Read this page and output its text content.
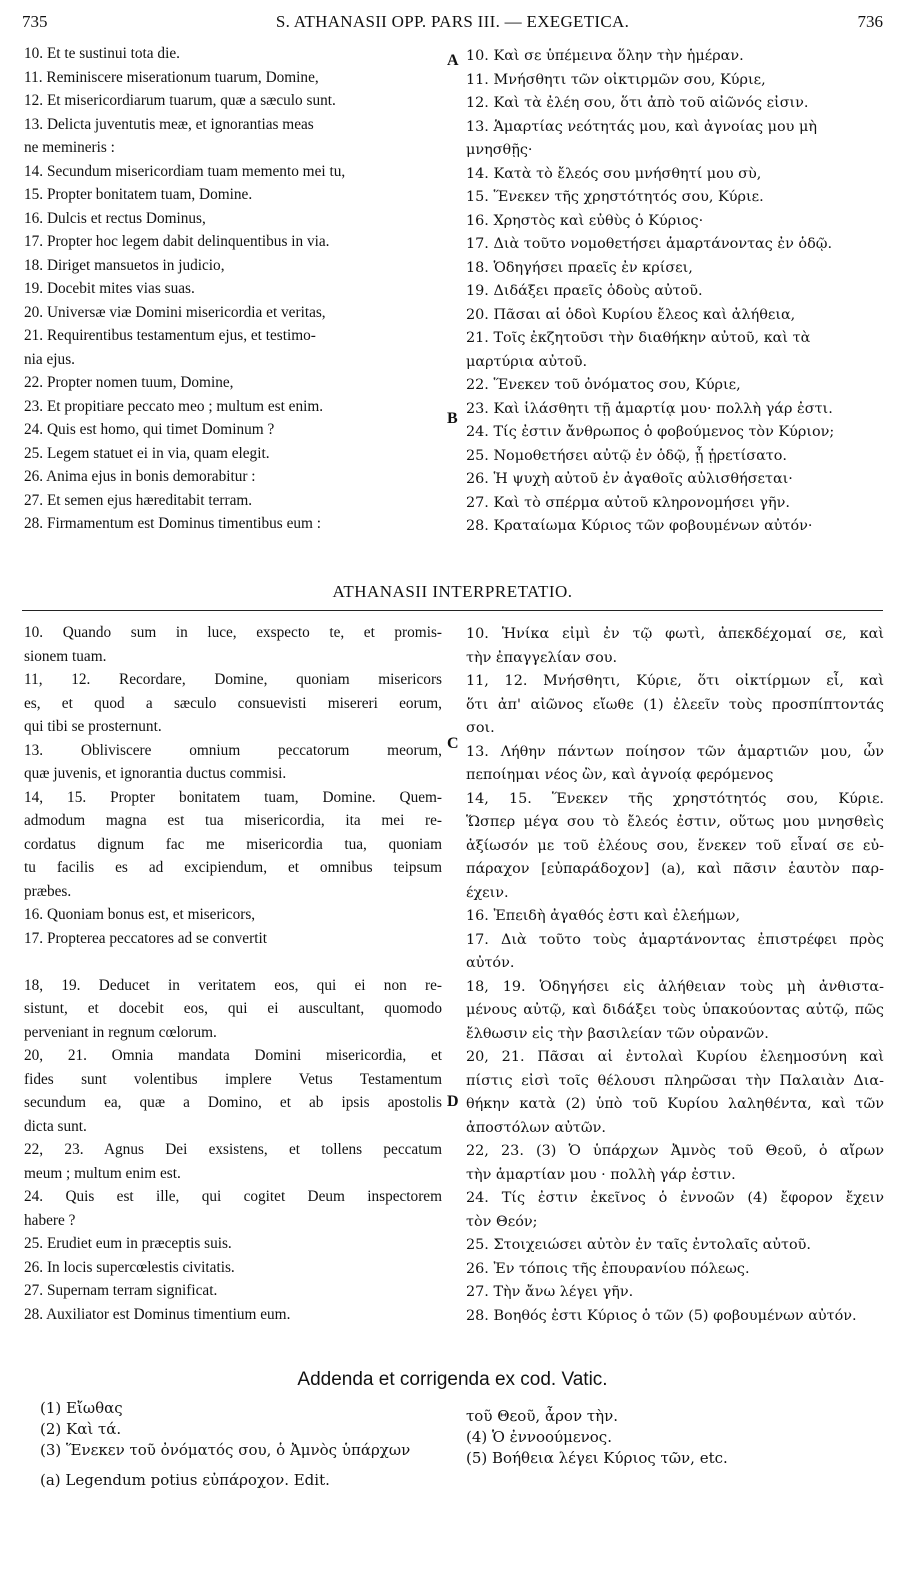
735	S. ATHANASII OPP. PARS III. — EXEGETICA.	736
10. Et te sustinui tota die.
11. Reminiscere miserationum tuarum, Domine,
12. Et misericordiarum tuarum, quæ a sæculo sunt.
13. Delicta juventutis meæ, et ignorantias meas
ne memineris :
14. Secundum misericordiam tuam memento mei tu,
15. Propter bonitatem tuam, Domine.
16. Dulcis et rectus Dominus,
17. Propter hoc legem dabit delinquentibus in via.
18. Diriget mansuetos in judicio,
19. Docebit mites vias suas.
20. Universæ viæ Domini misericordia et veritas,
21. Requirentibus testamentum ejus, et testimo-
nia ejus.
22. Propter nomen tuum, Domine,
23. Et propitiare peccato meo ; multum est enim.
24. Quis est homo, qui timet Dominum ?
25. Legem statuet ei in via, quam elegit.
26. Anima ejus in bonis demorabitur :
27. Et semen ejus hæreditabit terram.
28. Firmamentum est Dominus timentibus eum :
10. Καὶ σε ὑπέμεινα ὅλην τὴν ἡμέραν.
11. Μνήσθητι τῶν οἰκτιρμῶν σου, Κύριε,
12. Καὶ τὰ ἐλέη σου, ὅτι ἀπὸ τοῦ αἰῶνός εἰσιν.
13. Ἁμαρτίας νεότητάς μου, καὶ ἀγνοίας μου μὴ
μνησθῇς·
14. Κατὰ τὸ ἔλεός σου μνήσθητί μου σὺ,
15. Ἕνεκεν τῆς χρηστότητός σου, Κύριε.
16. Χρηστὸς καὶ εὐθὺς ὁ Κύριος·
17. Διὰ τοῦτο νομοθετήσει ἁμαρτάνοντας ἐν ὁδῷ.
18. Ὁδηγήσει πραεῖς ἐν κρίσει,
19. Διδάξει πραεῖς ὁδοὺς αὐτοῦ.
20. Πᾶσαι αἱ ὁδοὶ Κυρίου ἔλεος καὶ ἀλήθεια,
21. Τοῖς ἐκζητοῦσι τὴν διαθήκην αὐτοῦ, καὶ τὰ
μαρτύρια αὐτοῦ.
22. Ἕνεκεν τοῦ ὀνόματος σου, Κύριε,
23. Καὶ ἱλάσθητι τῇ ἁμαρτίᾳ μου· πολλὴ γάρ ἐστι.
24. Τίς ἐστιν ἄνθρωπος ὁ φοβούμενος τὸν Κύριον;
25. Νομοθετήσει αὐτῷ ἐν ὁδῷ, ᾗ ᾑρετίσατο.
26. Ἡ ψυχὴ αὐτοῦ ἐν ἀγαθοῖς αὐλισθήσεται·
27. Καὶ τὸ σπέρμα αὐτοῦ κληρονομήσει γῆν.
28. Κραταίωμα Κύριος τῶν φοβουμένων αὐτόν·
A
B
C
D
ATHANASII INTERPRETATIO.
10. Quando sum in luce, exspecto te, et promis-
sionem tuam.
11, 12. Recordare, Domine, quoniam misericors
es, et quod a sæculo consuevisti misereri eorum,
qui tibi se prosternunt.
13. Obliviscere omnium peccatorum meorum,
quæ juvenis, et ignorantia ductus commisi.
14, 15. Propter bonitatem tuam, Domine. Quem-
admodum magna est tua misericordia, ita mei re-
cordatus dignum fac me misericordia tua, quoniam
tu facilis es ad excipiendum, et omnibus teipsum
præbes.
16. Quoniam bonus est, et misericors,
17. Propterea peccatores ad se convertit

18, 19. Deducet in veritatem eos, qui ei non re-
sistunt, et docebit eos, qui ei auscultant, quomodo
perveniant in regnum cœlorum.
20, 21. Omnia mandata Domini misericordia, et
fides sunt volentibus implere Vetus Testamentum
secundum ea, quæ a Domino, et ab ipsis apostolis
dicta sunt.
22, 23. Agnus Dei exsistens, et tollens peccatum
meum ; multum enim est.
24. Quis est ille, qui cogitet Deum inspectorem
habere ?
25. Erudiet eum in præceptis suis.
26. In locis supercœlestis civitatis.
27. Supernam terram significat.
28. Auxiliator est Dominus timentium eum.
10. Ἡνίκα εἰμὶ ἐν τῷ φωτὶ, ἀπεκδέχομαί σε, καὶ
τὴν ἐπαγγελίαν σου.
11, 12. Μνήσθητι, Κύριε, ὅτι οἰκτίρμων εἶ, καὶ
ὅτι ἀπ' αἰῶνος εἴωθε (1) ἐλεεῖν τοὺς προσπίπτοντάς
σοι.
13. Λήθην πάντων ποίησον τῶν ἁμαρτιῶν μου, ὧν
πεποίημαι νέος ὢν, καὶ ἀγνοίᾳ φερόμενος
14, 15. Ἕνεκεν τῆς χρηστότητός σου, Κύριε.
Ὥσπερ μέγα σου τὸ ἔλεός ἐστιν, οὕτως μου μνησθεὶς
ἀξίωσόν με τοῦ ἐλέους σου, ἕνεκεν τοῦ εἶναί σε εὐ-
πάραχον [εὐπαράδοχον] (a), καὶ πᾶσιν ἑαυτὸν παρ-
έχειν.
16. Ἐπειδὴ ἀγαθός ἐστι καὶ ἐλεήμων,
17. Διὰ τοῦτο τοὺς ἁμαρτάνοντας ἐπιστρέφει πρὸς
αὐτόν.
18, 19. Ὁδηγήσει εἰς ἀλήθειαν τοὺς μὴ ἀνθιστα-
μένους αὐτῷ, καὶ διδάξει τοὺς ὑπακούοντας αὐτῷ, πῶς
ἔλθωσιν εἰς τὴν βασιλείαν τῶν οὐρανῶν.
20, 21. Πᾶσαι αἱ ἐντολαὶ Κυρίου ἐλεημοσύνη καὶ
πίστις εἰσὶ τοῖς θέλουσι πληρῶσαι τὴν Παλαιὰν Δια-
θήκην κατὰ (2) ὑπὸ τοῦ Κυρίου λαληθέντα, καὶ τῶν
ἀποστόλων αὐτῶν.
22, 23. (3) Ὁ ὑπάρχων Ἀμνὸς τοῦ Θεοῦ, ὁ αἴρων
τὴν ἁμαρτίαν μου · πολλὴ γάρ ἐστιν.
24. Τίς ἐστιν ἐκεῖνος ὁ ἐννοῶν (4) ἔφορον ἔχειν
τὸν Θεόν;
25. Στοιχειώσει αὐτὸν ἐν ταῖς ἐντολαῖς αὐτοῦ.
26. Ἐν τόποις τῆς ἐπουρανίου πόλεως.
27. Τὴν ἄνω λέγει γῆν.
28. Βοηθός ἐστι Κύριος ὁ τῶν (5) φοβουμένων αὐτόν.
Addenda et corrigenda ex cod. Vatic.
(1) Εἴωθας
(2) Καὶ τά.
(3) Ἕνεκεν τοῦ ὀνόματός σου, ὁ Ἀμνὸς ὑπάρχων
(a) Legendum potius εὐπάροχον. Edit.
τοῦ Θεοῦ, ἆρον τὴν.
(4) Ὁ ἐννοούμενος.
(5) Βοήθεια λέγει Κύριος τῶν, etc.
